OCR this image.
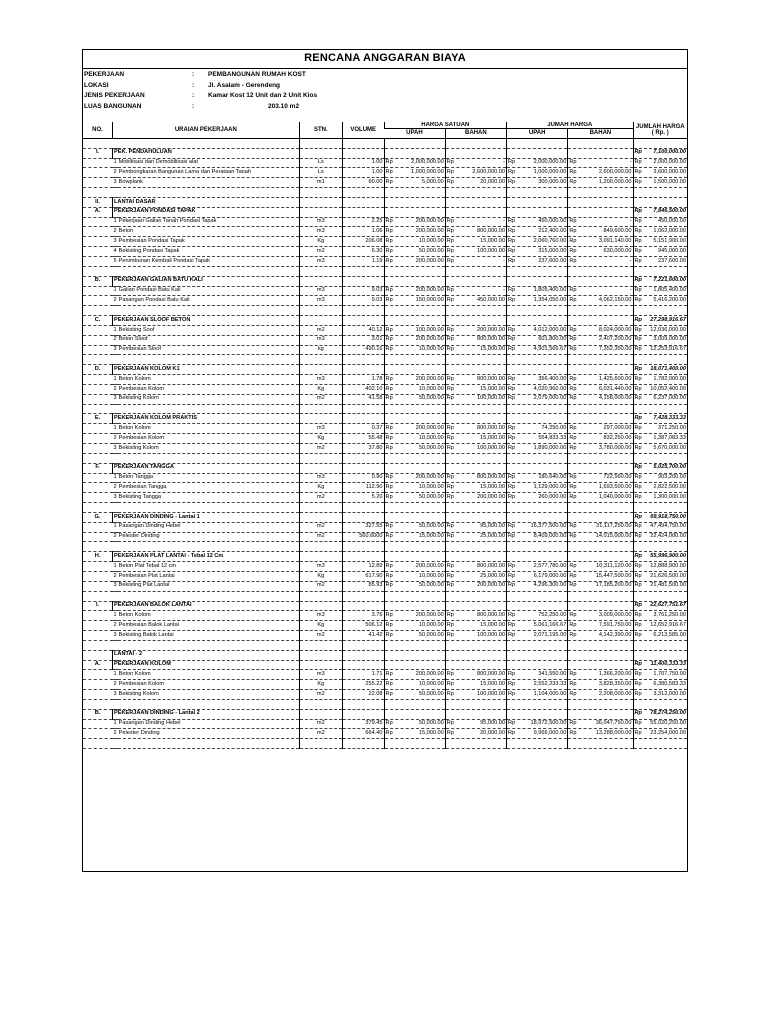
RENCANA ANGGARAN BIAYA
PEKERJAAN	: PEMBANGUNAN RUMAH KOST
LOKASI	: Jl. Asalam - Gerendeng
JENIS PEKERJAAN	: Kamar Kost 12 Unit dan 2 Unit Kios
LUAS BANGUNAN	:	203.10 m2
NO.	URAIAN PEKERJAAN		STN.	VOLUME	HARGA SATUAN		JUMAH HARGA		JUMLAH HARGA
( Rp. )

					UPAH	BAHAN	UPAH	BAHAN	

I.	PEK. PENDAHULUAN								Rp 7,100,000.00

	1	Mobilisasi dan Demobilisasi alat	Ls	1.00	Rp 2,000,000.00	Rp -	Rp 2,000,000.00	Rp -	Rp 2,000,000.00

	2	Pembongkaran Bangunan Lama dan Perataan Tanah	Ls	1.00	Rp 1,000,000.00	Rp 2,600,000.00	Rp 1,000,000.00	Rp 2,600,000.00	Rp 3,600,000.00

	3	Bowplank	m1	60.00	Rp 5,000.00	Rp 20,000.00	Rp 300,000.00	Rp 1,200,000.00	Rp 1,500,000.00

II.	LANTAI DASAR								
A.	PEKERJAAN PONDASI TAPAK								Rp 7,846,500.00

	1	Pekerjaan Galian Tanah Pondasi Tapak	m3	2.25	Rp 200,000.00	Rp -	Rp 450,000.00	Rp -	Rp 450,000.00

	2	Beton	m3	1.06	Rp 200,000.00	Rp 800,000.00	Rp 212,400.00	Rp 849,600.00	Rp 1,062,000.00

	3	Pembesian Pondasi Tapak	Kg	206.08	Rp 10,000.00	Rp 15,000.00	Rp 2,060,760.00	Rp 3,091,140.00	Rp 5,151,900.00

	4	Bekisting Pondasi Tapak	m2	6.30	Rp 50,000.00	Rp 100,000.00	Rp 315,000.00	Rp 630,000.00	Rp 945,000.00

	5	Penimbunan Kembali Pondasi Tapak	m3	1.19	Rp 200,000.00	Rp -	Rp 237,600.00	Rp -	Rp 237,600.00

B.	PEKERJAAN GALIAN BATU KALI								Rp 7,221,600.00

	1	Galian Pondasi Batu Kali	m3	9.03	Rp 200,000.00	Rp -	Rp 1,805,400.00	Rp -	Rp 1,805,400.00

	2	Pasangan Pondasi Batu Kali	m3	9.03	Rp 150,000.00	Rp 450,000.00	Rp 1,354,050.00	Rp 4,062,150.00	Rp 5,416,200.00

C.	PEKERJAAN SLOOF BETON								Rp 27,298,916.67

	1	Bekisting Soof	m2	40.12	Rp 100,000.00	Rp 200,000.00	Rp 4,012,000.00	Rp 8,024,000.00	Rp 12,036,000.00

	2	Beton Sloof	m3	3.01	Rp 200,000.00	Rp 800,000.00	Rp 601,800.00	Rp 2,407,200.00	Rp 3,009,000.00

	3	Pembesian Sloof	kg	490.16	Rp 10,000.00	Rp 15,000.00	Rp 4,901,566.67	Rp 7,352,350.00	Rp 12,253,916.67

D.	PEKERJAAN KOLOM K1								Rp 18,071,400.00

	1	Beton Kolom	m3	1.78	Rp 200,000.00	Rp 800,000.00	Rp 356,400.00	Rp 1,425,600.00	Rp 1,782,000.00

	2	Pembesian Kolom	Kg	402.10	Rp 10,000.00	Rp 15,000.00	Rp 4,020,960.00	Rp 6,031,440.00	Rp 10,052,400.00

	3	Bekisting Kolom	m2	41.58	Rp 50,000.00	Rp 100,000.00	Rp 2,079,000.00	Rp 4,158,000.00	Rp 6,237,000.00

E.	PEKERJAAN KOLOM PRAKTIS								Rp 7,428,333.33

	1	Beton Kolom	m3	0.37	Rp 200,000.00	Rp 800,000.00	Rp 74,250.00	Rp 297,000.00	Rp 371,250.00

	2	Pembesian Kolom	Kg	55.48	Rp 10,000.00	Rp 15,000.00	Rp 554,833.33	Rp 832,250.00	Rp 1,387,083.33

	3	Bekisting Kolom	m2	37.80	Rp 50,000.00	Rp 100,000.00	Rp 1,890,000.00	Rp 3,780,000.00	Rp 5,670,000.00

F.	PEKERJAAN TANGGA								Rp 5,025,700.00

	1	Beton Tangga	m3	0.90	Rp 200,000.00	Rp 800,000.00	Rp 180,640.00	Rp 722,560.00	Rp 903,200.00

	2	Pembesian Tangga	Kg	112.90	Rp 10,000.00	Rp 15,000.00	Rp 1,129,000.00	Rp 1,693,500.00	Rp 2,822,500.00

	3	Bekisting Tangga	m2	5.20	Rp 50,000.00	Rp 200,000.00	Rp 260,000.00	Rp 1,040,000.00	Rp 1,300,000.00

G.	PEKERJAAN DINDING - Lantai 1								Rp 69,918,750.00

	1	Pasangan Dinding Hebel	m2	327.55	Rp 50,000.00	Rp 95,000.00	Rp 16,377,500.00	Rp 31,117,250.00	Rp 47,494,750.00

	2	Pelester Dinding	m2	560.6000	Rp 15,000.00	Rp 25,000.00	Rp 8,409,000.00	Rp 14,015,000.00	Rp 22,424,000.00

H.	PEKERJAAN PLAT LANTAI - Tebal 12 Cm								Rp 55,996,900.00

	1	Beton Plat Tebal 12 cm	m3	12.89	Rp 200,000.00	Rp 800,000.00	Rp 2,577,780.00	Rp 10,311,120.00	Rp 12,888,900.00

	2	Pembesian Plat Lantai	Kg	617.90	Rp 10,000.00	Rp 25,000.00	Rp 6,179,000.00	Rp 15,447,500.00	Rp 21,626,500.00

	3	Bekisting Plat Lantai	m2	85.93	Rp 50,000.00	Rp 200,000.00	Rp 4,296,300.00	Rp 17,185,200.00	Rp 21,481,500.00

I.	PEKERJAAN BALOK LANTAI								Rp 22,627,751.67

	1	Beton Kolom	m3	3.76	Rp 200,000.00	Rp 800,000.00	Rp 752,250.00	Rp 3,009,000.00	Rp 3,761,250.00

	2	Pembesian Balok Lantai	Kg	506.12	Rp 10,000.00	Rp 15,000.00	Rp 5,061,166.67	Rp 7,591,750.00	Rp 12,652,916.67

	3	Bekisting Balok Lantai	m2	41.42	Rp 50,000.00	Rp 100,000.00	Rp 2,071,195.00	Rp 4,142,390.00	Rp 6,213,585.00

	LANTAI - 2								
A.	PEKERJAAN KOLOM								Rp 11,400,333.33

	1	Beton Kolom	m3	1.71	Rp 200,000.00	Rp 800,000.00	Rp 341,550.00	Rp 1,366,200.00	Rp 1,707,750.00

	2	Pembesian Kolom	Kg	255.22	Rp 10,000.00	Rp 15,000.00	Rp 2,552,233.33	Rp 3,828,350.00	Rp 6,380,583.33

	3	Bekisting Kolom	m2	22.08	Rp 50,000.00	Rp 100,000.00	Rp 1,104,000.00	Rp 2,208,000.00	Rp 3,312,000.00

B.	PEKERJAAN DINDING - Lantai 2								Rp 78,274,250.00

	1	Pasangan Dinding Hebel	m2	379.45	Rp 50,000.00	Rp 95,000.00	Rp 18,972,500.00	Rp 36,047,750.00	Rp 55,020,250.00

	2	Pelester Dinding	m2	664.40	Rp 15,000.00	Rp 20,000.00	Rp 9,966,000.00	Rp 13,288,000.00	Rp 23,254,000.00
